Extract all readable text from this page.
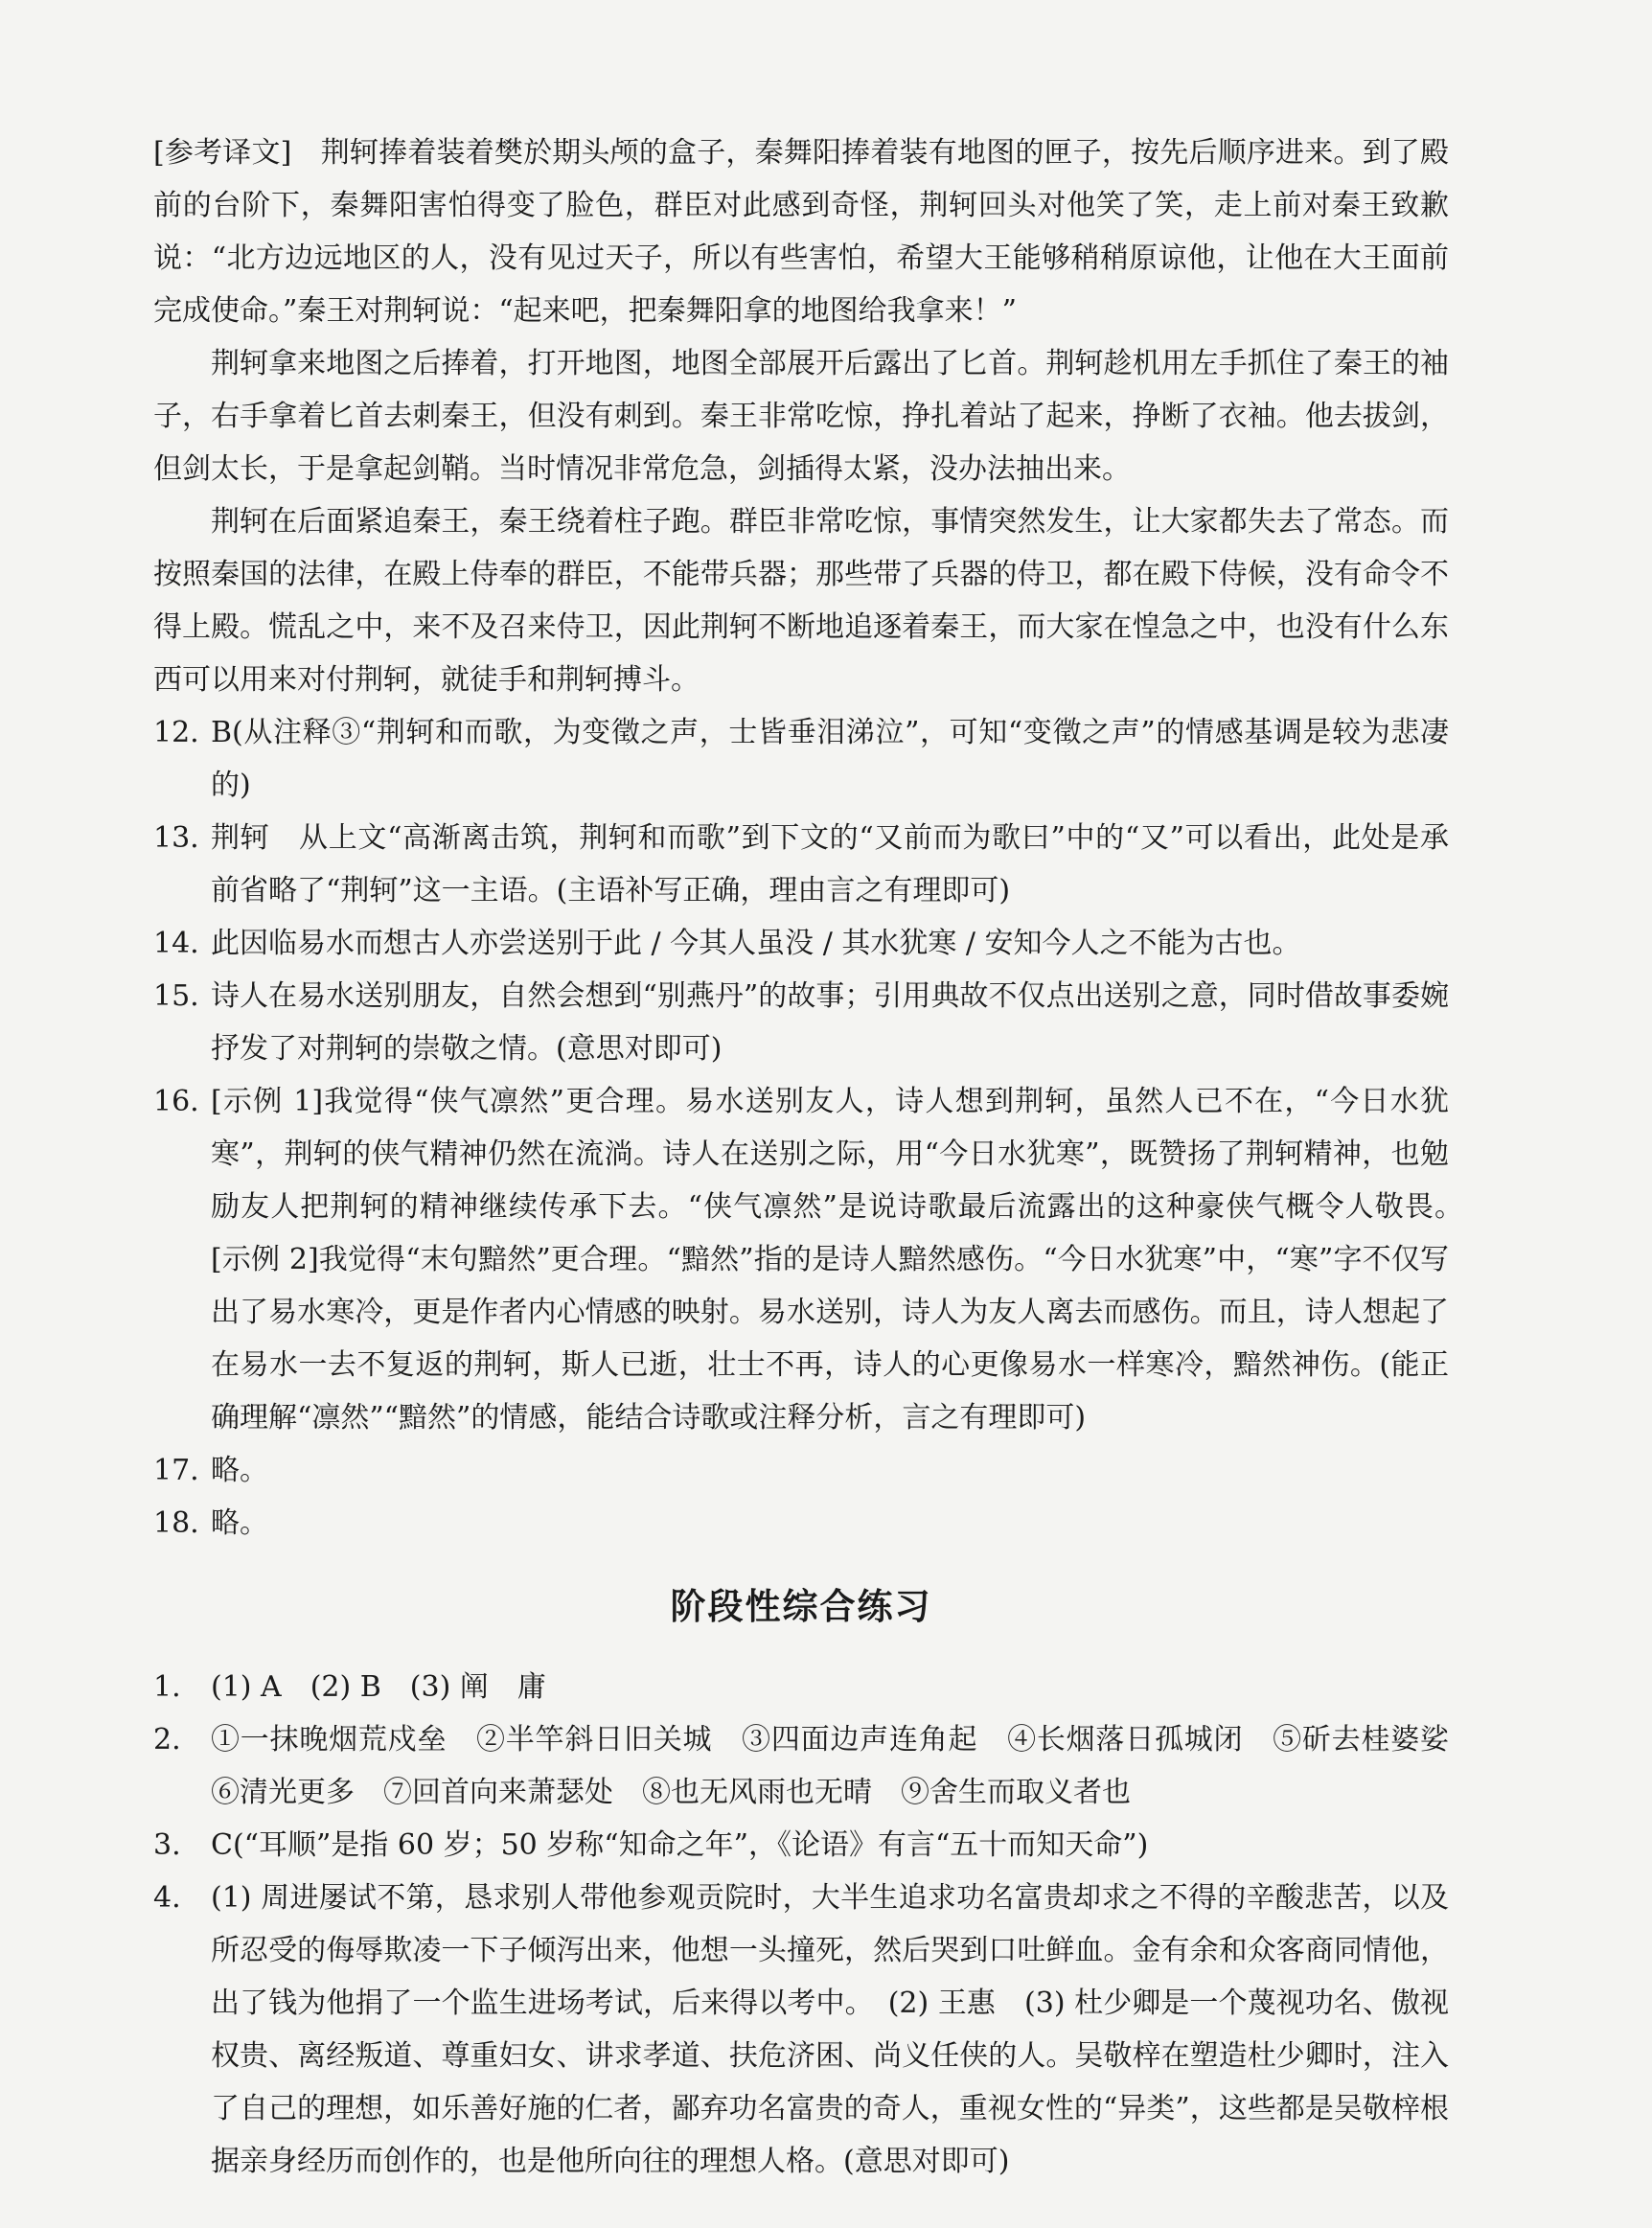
[参考译文]　荆轲捧着装着樊於期头颅的盒子，秦舞阳捧着装有地图的匣子，按先后顺序进来。到了殿前的台阶下，秦舞阳害怕得变了脸色，群臣对此感到奇怪，荆轲回头对他笑了笑，走上前对秦王致歉说：“北方边远地区的人，没有见过天子，所以有些害怕，希望大王能够稍稍原谅他，让他在大王面前完成使命。”秦王对荆轲说：“起来吧，把秦舞阳拿的地图给我拿来！”

荆轲拿来地图之后捧着，打开地图，地图全部展开后露出了匕首。荆轲趁机用左手抓住了秦王的袖子，右手拿着匕首去刺秦王，但没有刺到。秦王非常吃惊，挣扎着站了起来，挣断了衣袖。他去拔剑，但剑太长，于是拿起剑鞘。当时情况非常危急，剑插得太紧，没办法抽出来。

荆轲在后面紧追秦王，秦王绕着柱子跑。群臣非常吃惊，事情突然发生，让大家都失去了常态。而按照秦国的法律，在殿上侍奉的群臣，不能带兵器；那些带了兵器的侍卫，都在殿下侍候，没有命令不得上殿。慌乱之中，来不及召来侍卫，因此荆轲不断地追逐着秦王，而大家在惶急之中，也没有什么东西可以用来对付荆轲，就徒手和荆轲搏斗。

12. B(从注释③“荆轲和而歌，为变徵之声，士皆垂泪涕泣”，可知“变徵之声”的情感基调是较为悲凄的)
13. 荆轲　从上文“高渐离击筑，荆轲和而歌”到下文的“又前而为歌曰”中的“又”可以看出，此处是承前省略了“荆轲”这一主语。(主语补写正确，理由言之有理即可)
14. 此因临易水而想古人亦尝送别于此 / 今其人虽没 / 其水犹寒 / 安知今人之不能为古也。
15. 诗人在易水送别朋友，自然会想到“别燕丹”的故事；引用典故不仅点出送别之意，同时借故事委婉抒发了对荆轲的崇敬之情。(意思对即可)
16. [示例 1]我觉得“侠气凛然”更合理。易水送别友人，诗人想到荆轲，虽然人已不在，“今日水犹寒”，荆轲的侠气精神仍然在流淌。诗人在送别之际，用“今日水犹寒”，既赞扬了荆轲精神，也勉励友人把荆轲的精神继续传承下去。“侠气凛然”是说诗歌最后流露出的这种豪侠气概令人敬畏。　[示例 2]我觉得“末句黯然”更合理。“黯然”指的是诗人黯然感伤。“今日水犹寒”中，“寒”字不仅写出了易水寒冷，更是作者内心情感的映射。易水送别，诗人为友人离去而感伤。而且，诗人想起了在易水一去不复返的荆轲，斯人已逝，壮士不再，诗人的心更像易水一样寒冷，黯然神伤。(能正确理解“凛然”“黯然”的情感，能结合诗歌或注释分析，言之有理即可)
17. 略。
18. 略。
阶段性综合练习
1.	(1) A　(2) B　(3) 阐　庸
2.	①一抹晚烟荒戍垒　②半竿斜日旧关城　③四面边声连角起　④长烟落日孤城闭　⑤斫去桂婆娑　⑥清光更多　⑦回首向来萧瑟处　⑧也无风雨也无晴　⑨舍生而取义者也
3.	C(“耳顺”是指 60 岁；50 岁称“知命之年”，《论语》有言“五十而知天命”)
4.	(1) 周进屡试不第，恳求别人带他参观贡院时，大半生追求功名富贵却求之不得的辛酸悲苦，以及所忍受的侮辱欺凌一下子倾泻出来，他想一头撞死，然后哭到口吐鲜血。金有余和众客商同情他，出了钱为他捐了一个监生进场考试，后来得以考中。　(2) 王惠　(3) 杜少卿是一个蔑视功名、傲视权贵、离经叛道、尊重妇女、讲求孝道、扶危济困、尚义任侠的人。吴敬梓在塑造杜少卿时，注入了自己的理想，如乐善好施的仁者，鄙弃功名富贵的奇人，重视女性的“异类”，这些都是吴敬梓根据亲身经历而创作的，也是他所向往的理想人格。(意思对即可)
